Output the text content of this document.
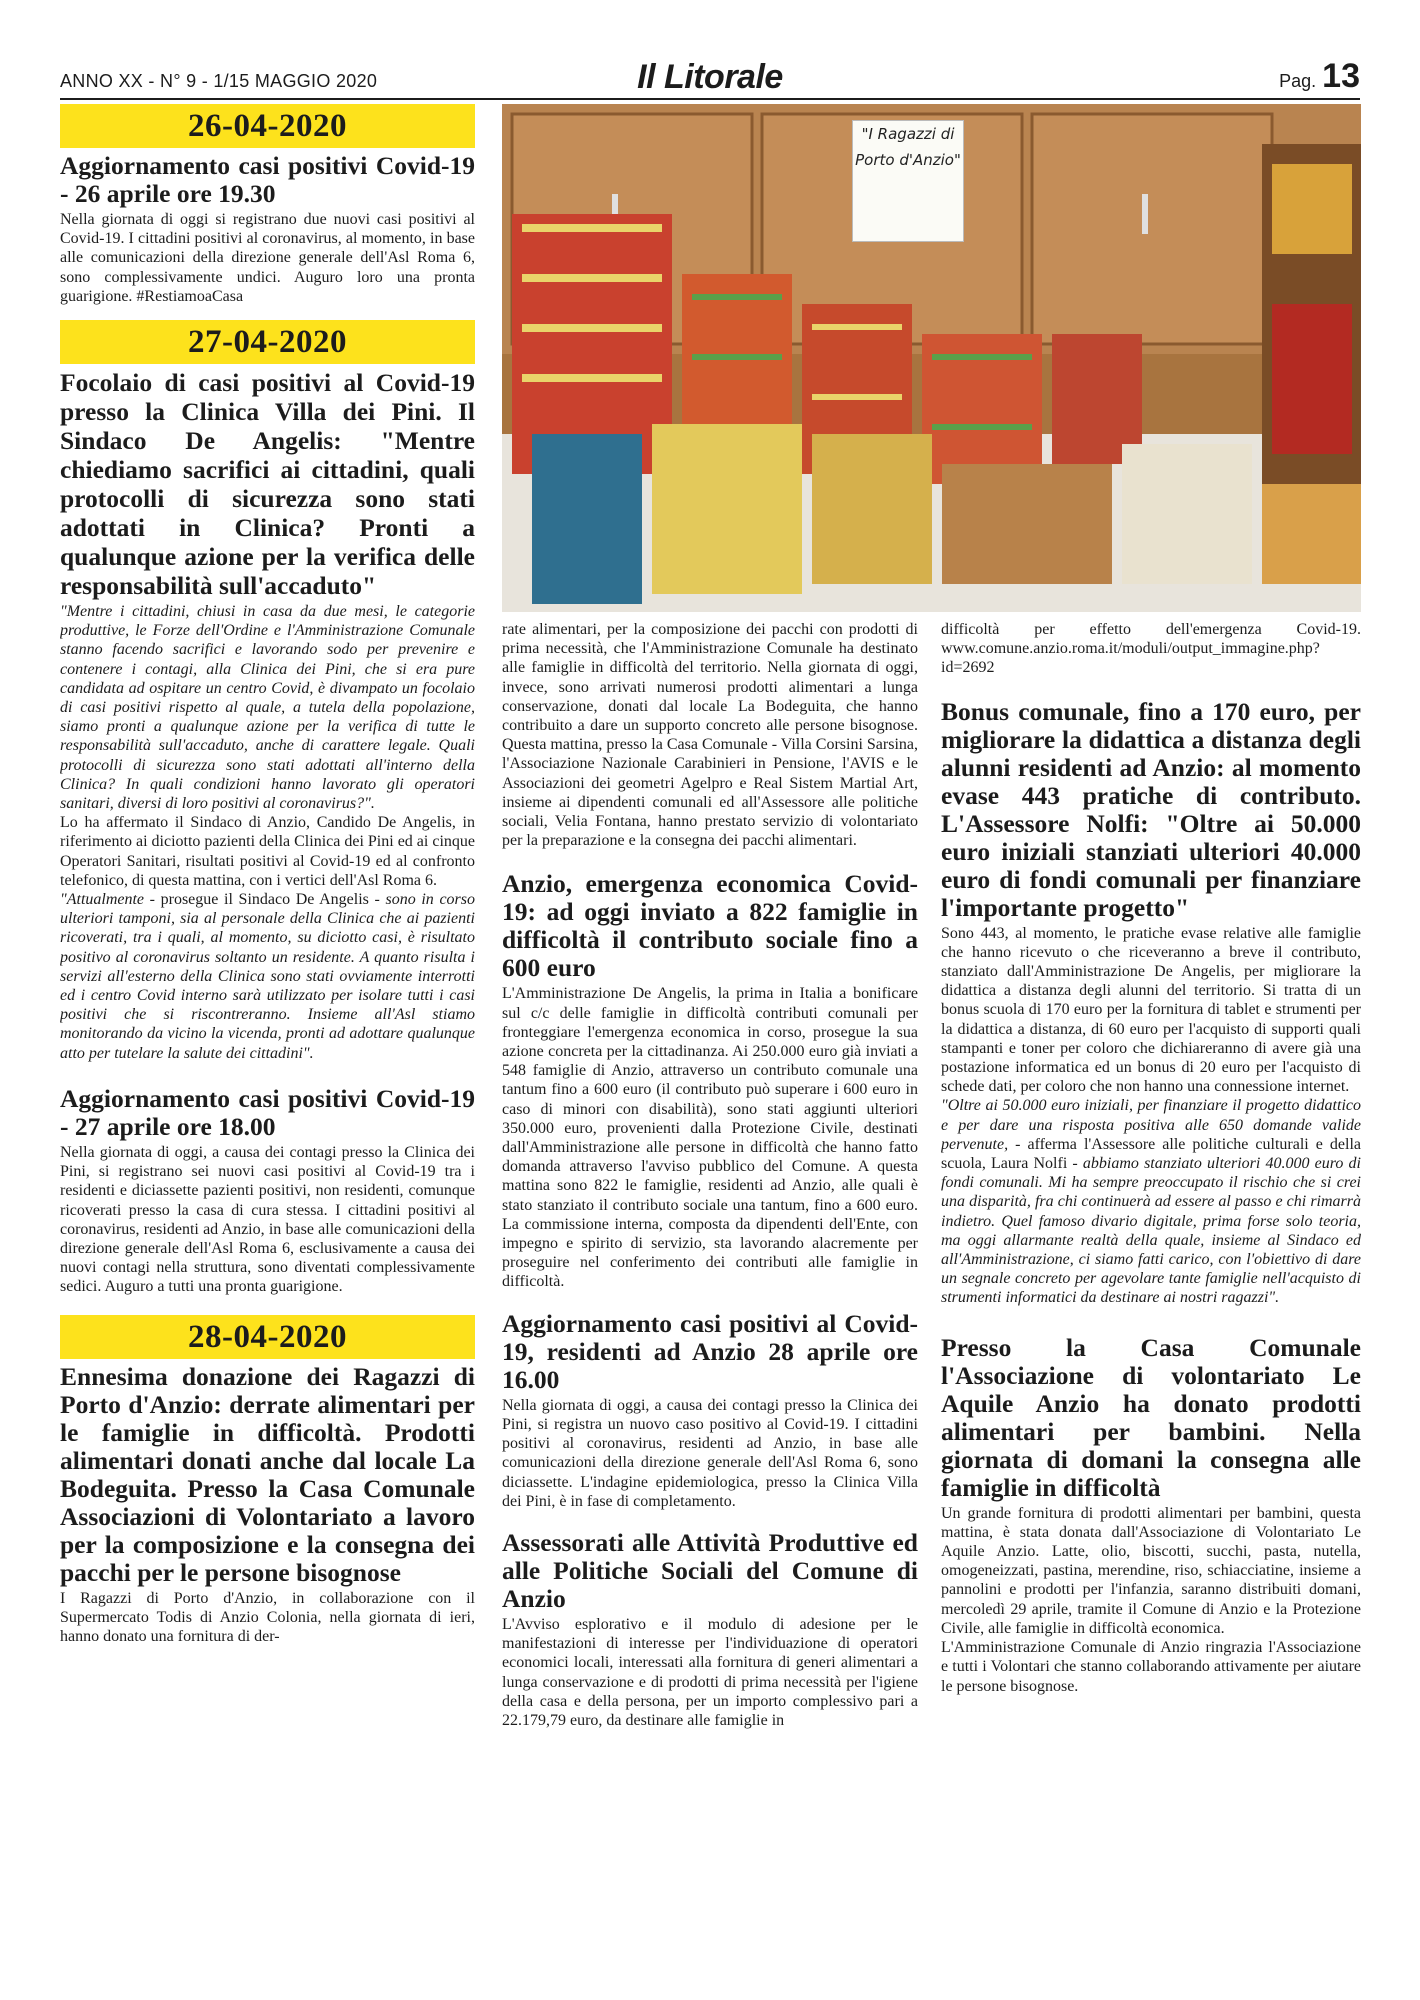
ANNO XX - N° 9 - 1/15 MAGGIO 2020	Il Litorale	Pag. 13
26-04-2020
Aggiornamento casi positivi Covid-19 - 26 aprile ore 19.30

Nella giornata di oggi si registrano due nuovi casi positivi al Covid-19. I cittadini positivi al coronavirus, al momento, in base alle comunicazioni della direzione generale dell'Asl Roma 6, sono complessivamente undici. Auguro loro una pronta guarigione. #RestiamoaCasa

27-04-2020
Focolaio di casi positivi al Covid-19 presso la Clinica Villa dei Pini. Il Sindaco De Angelis: "Mentre chiediamo sacrifici ai cittadini, quali protocolli di sicurezza sono stati adottati in Clinica? Pronti a qualunque azione per la verifica delle responsabilità sull'accaduto"

"Mentre i cittadini, chiusi in casa da due mesi, le categorie produttive, le Forze dell'Ordine e l'Amministrazione Comunale stanno facendo sacrifici e lavorando sodo per prevenire e contenere i contagi, alla Clinica dei Pini, che si era pure candidata ad ospitare un centro Covid, è divampato un focolaio di casi positivi rispetto al quale, a tutela della popolazione, siamo pronti a qualunque azione per la verifica di tutte le responsabilità sull'accaduto, anche di carattere legale. Quali protocolli di sicurezza sono stati adottati all'interno della Clinica? In quali condizioni hanno lavorato gli operatori sanitari, diversi di loro positivi al coronavirus?".

Lo ha affermato il Sindaco di Anzio, Candido De Angelis, in riferimento ai diciotto pazienti della Clinica dei Pini ed ai cinque Operatori Sanitari, risultati positivi al Covid-19 ed al confronto telefonico, di questa mattina, con i vertici dell'Asl Roma 6.

"Attualmente - prosegue il Sindaco De Angelis - sono in corso ulteriori tamponi, sia al personale della Clinica che ai pazienti ricoverati, tra i quali, al momento, su diciotto casi, è risultato positivo al coronavirus soltanto un residente. A quanto risulta i servizi all'esterno della Clinica sono stati ovviamente interrotti ed i centro Covid interno sarà utilizzato per isolare tutti i casi positivi che si riscontreranno. Insieme all'Asl stiamo monitorando da vicino la vicenda, pronti ad adottare qualunque atto per tutelare la salute dei cittadini".

Aggiornamento casi positivi Covid-19 - 27 aprile ore 18.00

Nella giornata di oggi, a causa dei contagi presso la Clinica dei Pini, si registrano sei nuovi casi positivi al Covid-19 tra i residenti e diciassette pazienti positivi, non residenti, comunque ricoverati presso la casa di cura stessa. I cittadini positivi al coronavirus, residenti ad Anzio, in base alle comunicazioni della direzione generale dell'Asl Roma 6, esclusivamente a causa dei nuovi contagi nella struttura, sono diventati complessivamente sedici. Auguro a tutti una pronta guarigione.

28-04-2020
Ennesima donazione dei Ragazzi di Porto d'Anzio: derrate alimentari per le famiglie in difficoltà. Prodotti alimentari donati anche dal locale La Bodeguita. Presso la Casa Comunale Associazioni di Volontariato a lavoro per la composizione e la consegna dei pacchi per le persone bisognose

I Ragazzi di Porto d'Anzio, in collaborazione con il Supermercato Todis di Anzio Colonia, nella giornata di ieri, hanno donato una fornitura di der-

"I Ragazzi di Porto d'Anzio"

rate alimentari, per la composizione dei pacchi con prodotti di prima necessità, che l'Amministrazione Comunale ha destinato alle famiglie in difficoltà del territorio. Nella giornata di oggi, invece, sono arrivati numerosi prodotti alimentari a lunga conservazione, donati dal locale La Bodeguita, che hanno contribuito a dare un supporto concreto alle persone bisognose. Questa mattina, presso la Casa Comunale - Villa Corsini Sarsina, l'Associazione Nazionale Carabinieri in Pensione, l'AVIS e le Associazioni dei geometri Agelpro e Real Sistem Martial Art, insieme ai dipendenti comunali ed all'Assessore alle politiche sociali, Velia Fontana, hanno prestato servizio di volontariato per la preparazione e la consegna dei pacchi alimentari.

Anzio, emergenza economica Covid-19: ad oggi inviato a 822 famiglie in difficoltà il contributo sociale fino a 600 euro

L'Amministrazione De Angelis, la prima in Italia a bonificare sul c/c delle famiglie in difficoltà contributi comunali per fronteggiare l'emergenza economica in corso, prosegue la sua azione concreta per la cittadinanza. Ai 250.000 euro già inviati a 548 famiglie di Anzio, attraverso un contributo comunale una tantum fino a 600 euro (il contributo può superare i 600 euro in caso di minori con disabilità), sono stati aggiunti ulteriori 350.000 euro, provenienti dalla Protezione Civile, destinati dall'Amministrazione alle persone in difficoltà che hanno fatto domanda attraverso l'avviso pubblico del Comune. A questa mattina sono 822 le famiglie, residenti ad Anzio, alle quali è stato stanziato il contributo sociale una tantum, fino a 600 euro. La commissione interna, composta da dipendenti dell'Ente, con impegno e spirito di servizio, sta lavorando alacremente per proseguire nel conferimento dei contributi alle famiglie in difficoltà.

Aggiornamento casi positivi al Covid-19, residenti ad Anzio 28 aprile ore 16.00

Nella giornata di oggi, a causa dei contagi presso la Clinica dei Pini, si registra un nuovo caso positivo al Covid-19. I cittadini positivi al coronavirus, residenti ad Anzio, in base alle comunicazioni della direzione generale dell'Asl Roma 6, sono diciassette. L'indagine epidemiologica, presso la Clinica Villa dei Pini, è in fase di completamento.

Assessorati alle Attività Produttive ed alle Politiche Sociali del Comune di Anzio

L'Avviso esplorativo e il modulo di adesione per le manifestazioni di interesse per l'individuazione di operatori economici locali, interessati alla fornitura di generi alimentari a lunga conservazione e di prodotti di prima necessità per l'igiene della casa e della persona, per un importo complessivo pari a 22.179,79 euro, da destinare alle famiglie in

difficoltà per effetto dell'emergenza Covid-19. www.comune.anzio.roma.it/moduli/output_immagine.php?id=2692

Bonus comunale, fino a 170 euro, per migliorare la didattica a distanza degli alunni residenti ad Anzio: al momento evase 443 pratiche di contributo. L'Assessore Nolfi: "Oltre ai 50.000 euro iniziali stanziati ulteriori 40.000 euro di fondi comunali per finanziare l'importante progetto"

Sono 443, al momento, le pratiche evase relative alle famiglie che hanno ricevuto o che riceveranno a breve il contributo, stanziato dall'Amministrazione De Angelis, per migliorare la didattica a distanza degli alunni del territorio. Si tratta di un bonus scuola di 170 euro per la fornitura di tablet e strumenti per la didattica a distanza, di 60 euro per l'acquisto di supporti quali stampanti e toner per coloro che dichiareranno di avere già una postazione informatica ed un bonus di 20 euro per l'acquisto di schede dati, per coloro che non hanno una connessione internet.

"Oltre ai 50.000 euro iniziali, per finanziare il progetto didattico e per dare una risposta positiva alle 650 domande valide pervenute, - afferma l'Assessore alle politiche culturali e della scuola, Laura Nolfi - abbiamo stanziato ulteriori 40.000 euro di fondi comunali. Mi ha sempre preoccupato il rischio che si crei una disparità, fra chi continuerà ad essere al passo e chi rimarrà indietro. Quel famoso divario digitale, prima forse solo teoria, ma oggi allarmante realtà della quale, insieme al Sindaco ed all'Amministrazione, ci siamo fatti carico, con l'obiettivo di dare un segnale concreto per agevolare tante famiglie nell'acquisto di strumenti informatici da destinare ai nostri ragazzi".

Presso la Casa Comunale l'Associazione di volontariato Le Aquile Anzio ha donato prodotti alimentari per bambini. Nella giornata di domani la consegna alle famiglie in difficoltà

Un grande fornitura di prodotti alimentari per bambini, questa mattina, è stata donata dall'Associazione di Volontariato Le Aquile Anzio. Latte, olio, biscotti, succhi, pasta, nutella, omogeneizzati, pastina, merendine, riso, schiacciatine, insieme a pannolini e prodotti per l'infanzia, saranno distribuiti domani, mercoledì 29 aprile, tramite il Comune di Anzio e la Protezione Civile, alle famiglie in difficoltà economica.

L'Amministrazione Comunale di Anzio ringrazia l'Associazione e tutti i Volontari che stanno collaborando attivamente per aiutare le persone bisognose.
